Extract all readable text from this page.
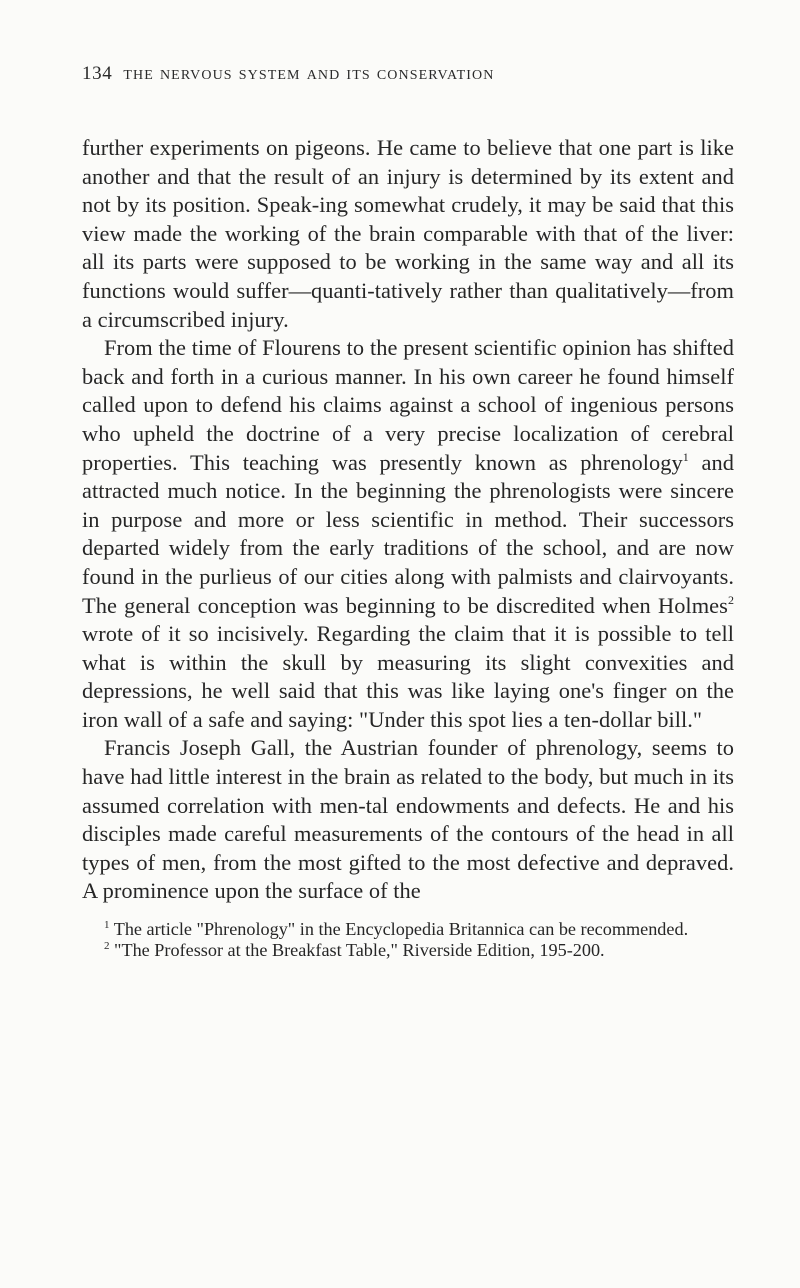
134 the nervous system and its conservation

further experiments on pigeons. He came to believe that one part is like another and that the result of an injury is determined by its extent and not by its position. Speak-ing somewhat crudely, it may be said that this view made the working of the brain comparable with that of the liver: all its parts were supposed to be working in the same way and all its functions would suffer—quanti-tatively rather than qualitatively—from a circumscribed injury.

From the time of Flourens to the present scientific opinion has shifted back and forth in a curious manner. In his own career he found himself called upon to defend his claims against a school of ingenious persons who upheld the doctrine of a very precise localization of cerebral properties. This teaching was presently known as phrenology$^1$ and attracted much notice. In the beginning the phrenologists were sincere in purpose and more or less scientific in method. Their successors departed widely from the early traditions of the school, and are now found in the purlieus of our cities along with palmists and clairvoyants. The general conception was beginning to be discredited when Holmes$^2$ wrote of it so incisively. Regarding the claim that it is possible to tell what is within the skull by measuring its slight convexities and depressions, he well said that this was like laying one's finger on the iron wall of a safe and saying: "Under this spot lies a ten-dollar bill."

Francis Joseph Gall, the Austrian founder of phrenology, seems to have had little interest in the brain as related to the body, but much in its assumed correlation with men-tal endowments and defects. He and his disciples made careful measurements of the contours of the head in all types of men, from the most gifted to the most defective and depraved. A prominence upon the surface of the

$^1$ The article "Phrenology" in the Encyclopedia Britannica can be recommended.

$^2$ "The Professor at the Breakfast Table," Riverside Edition, 195-200.
